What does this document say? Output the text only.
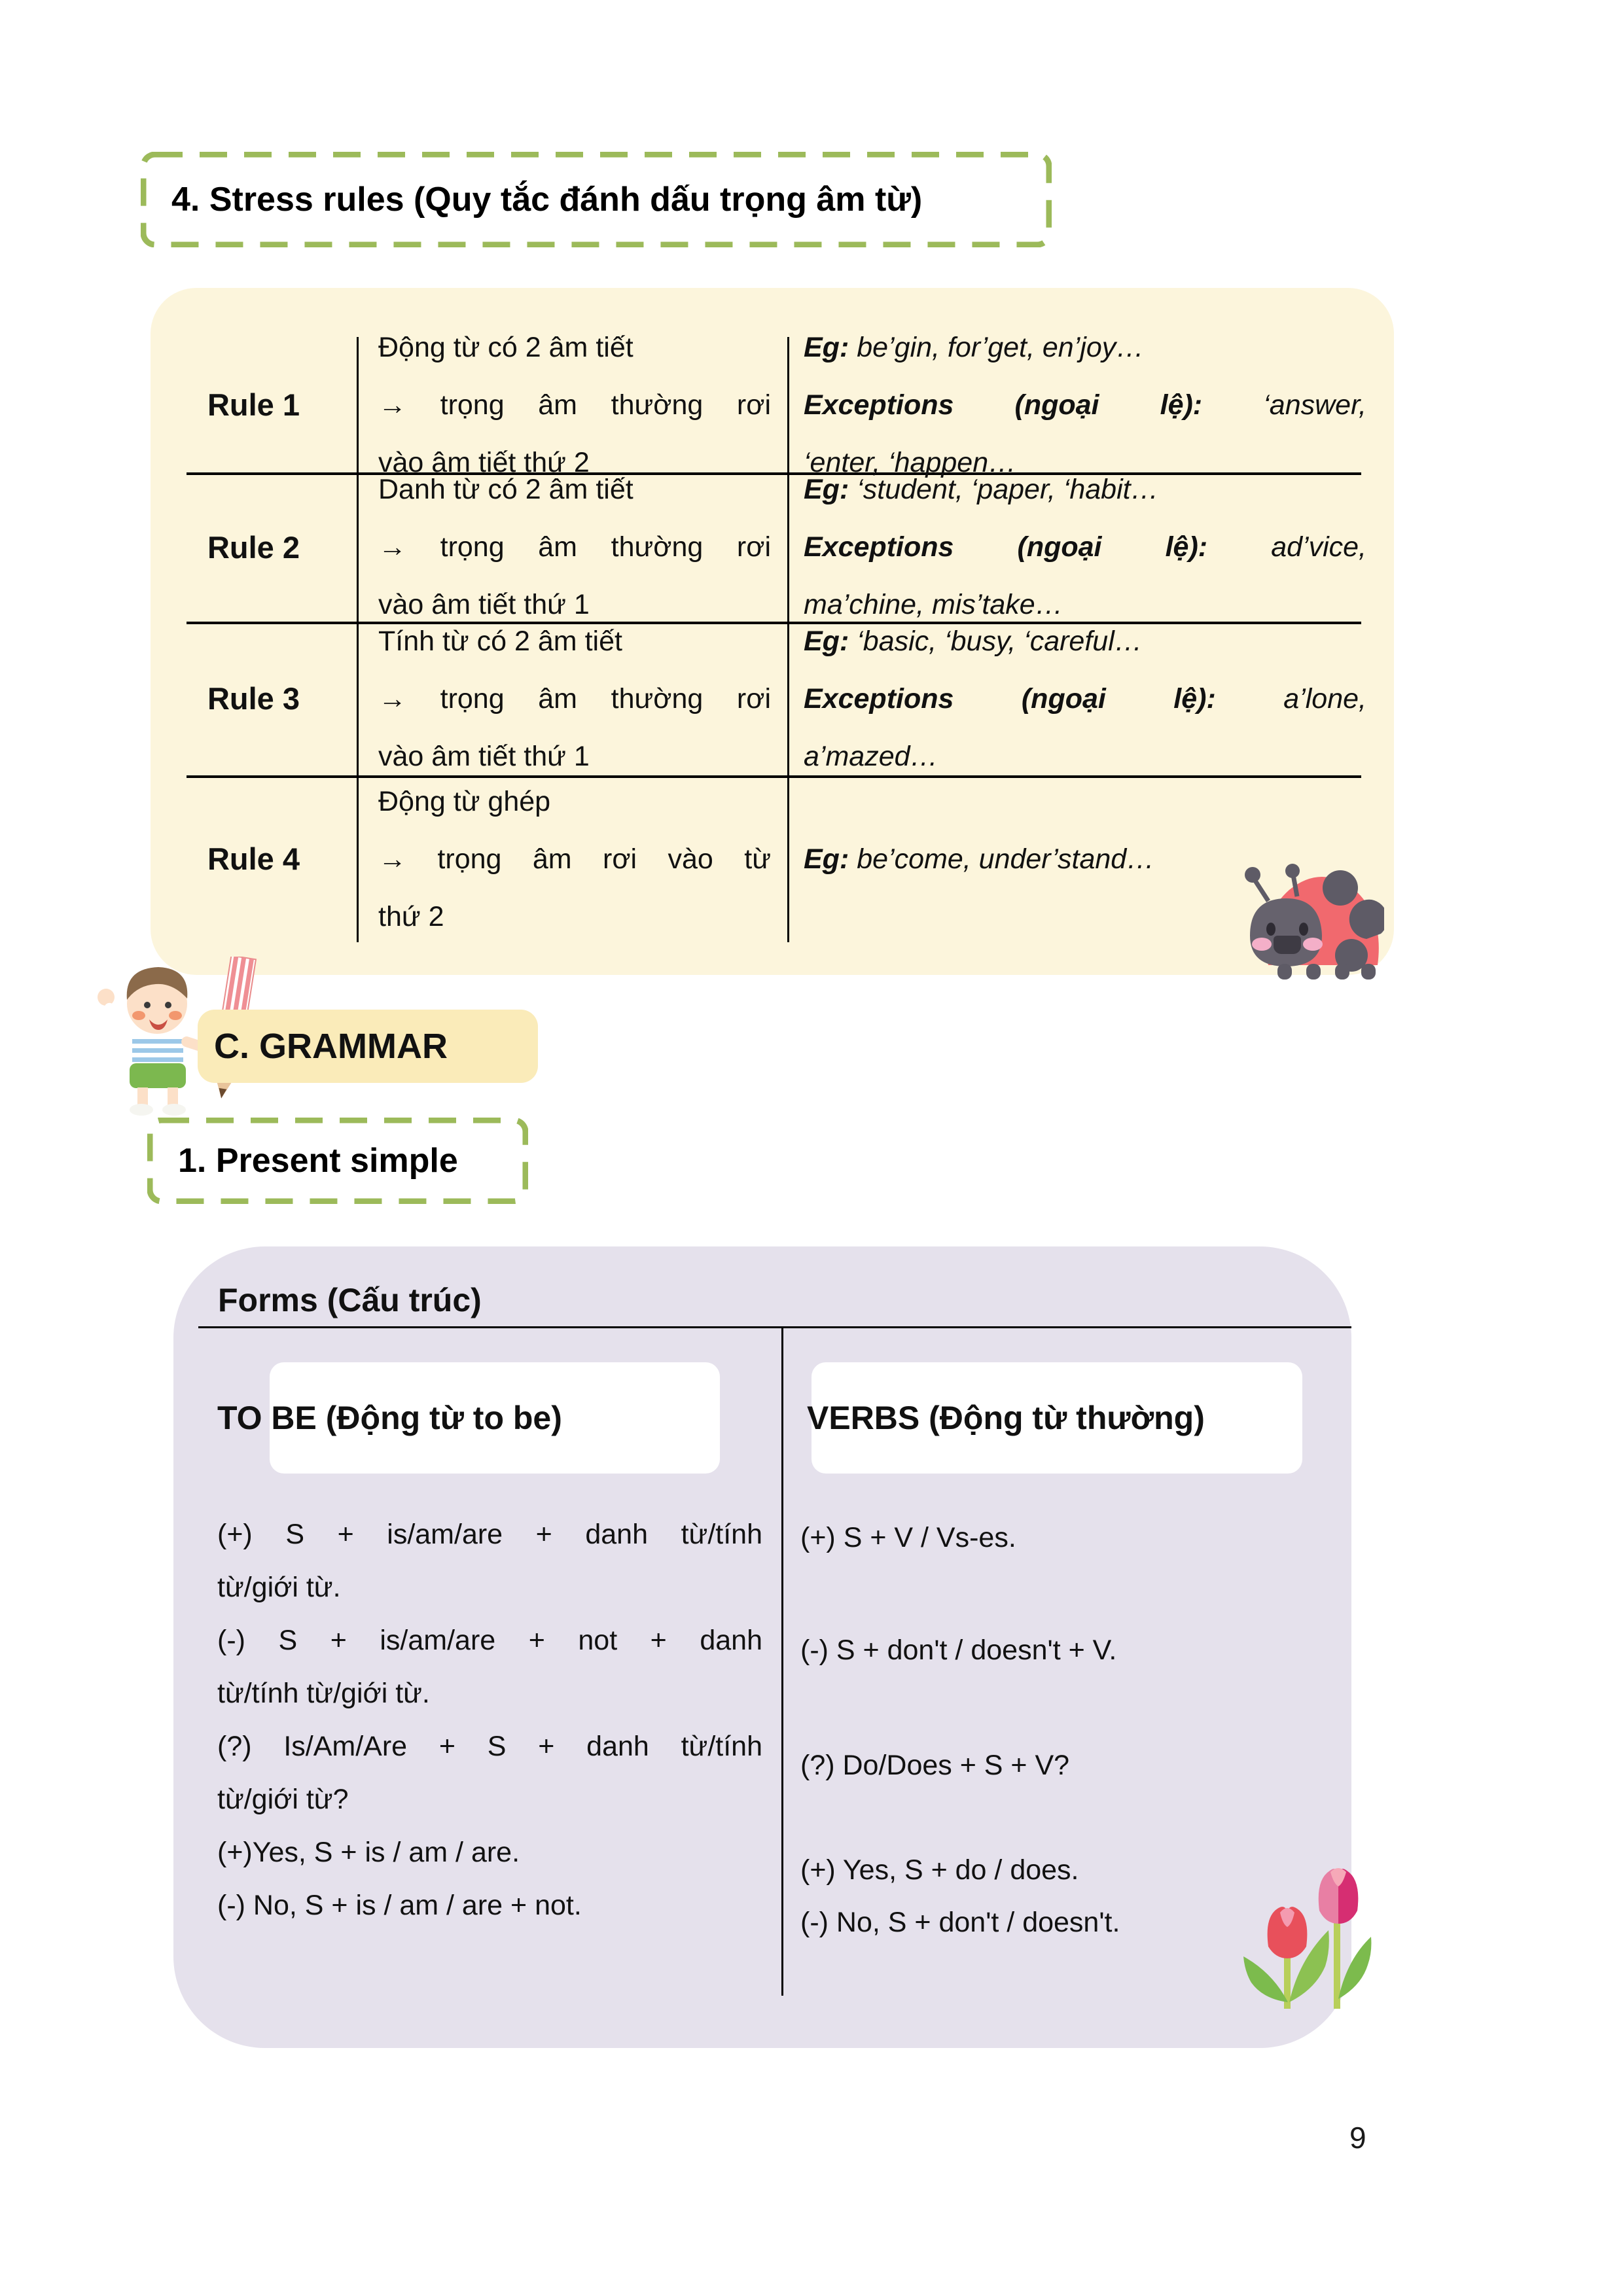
4. Stress rules (Quy tắc đánh dấu trọng âm từ)
Rule 1
Động từ có 2 âm tiết
→ trọng âm thường rơi
vào âm tiết thứ 2
Eg: be’gin, for’get, en’joy…
Exceptions (ngoại lệ): ‘answer,
‘enter, ‘happen…
Rule 2
Danh từ có 2 âm tiết
→ trọng âm thường rơi
vào âm tiết thứ 1
Eg: ‘student, ‘paper, ‘habit…
Exceptions (ngoại lệ): ad’vice,
ma’chine, mis’take…
Rule 3
Tính từ có 2 âm tiết
→ trọng âm thường rơi
vào âm tiết thứ 1
Eg: ‘basic, ‘busy, ‘careful…
Exceptions (ngoại lệ): a’lone,
a’mazed…
Rule 4
Động từ ghép
→ trọng âm rơi vào từ
thứ 2
Eg: be’come, under’stand…
C. GRAMMAR
1. Present simple
Forms (Cấu trúc)
TO BE (Động từ to be)	VERBS (Động từ thường)
(+) S + is/am/are + danh từ/tính
từ/giới từ.
(-) S + is/am/are + not + danh
từ/tính từ/giới từ.
(?) Is/Am/Are + S + danh từ/tính
từ/giới từ?
(+)Yes, S + is / am / are.
(-) No, S + is / am / are + not.
(+) S + V / Vs-es.
(-) S + don't / doesn't + V.
(?) Do/Does + S + V?
(+) Yes, S + do / does.
(-) No, S + don't / doesn't.
9
